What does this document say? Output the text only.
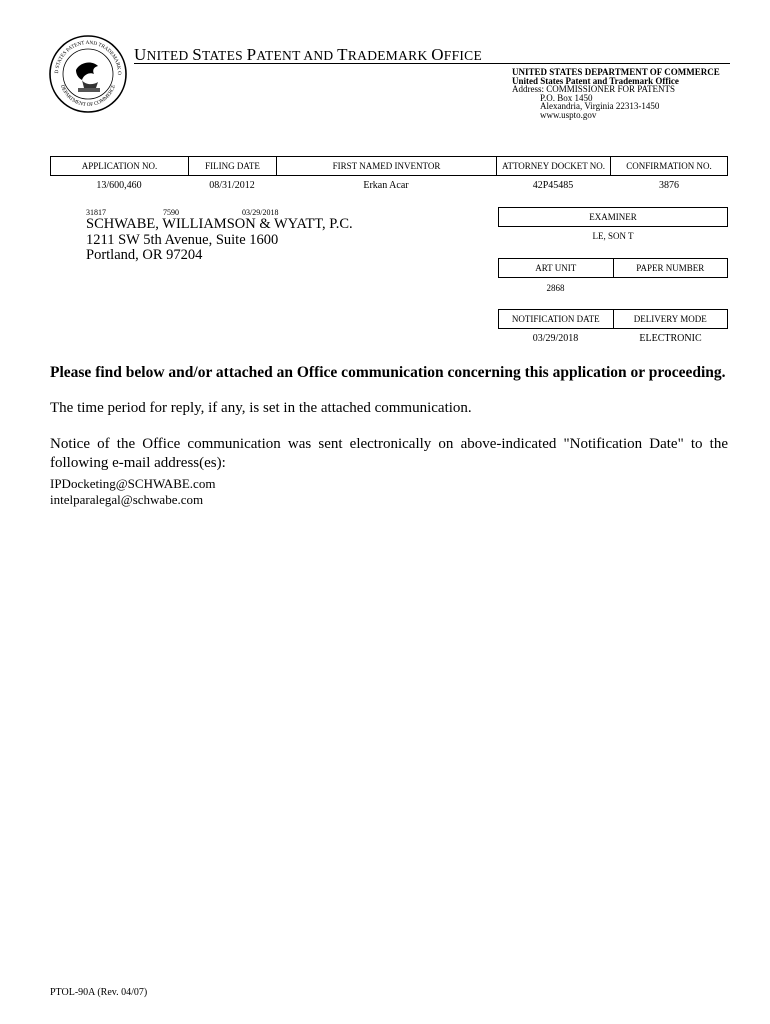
D STATES PATENT AND TRADEMARK O
DEPARTMENT OF COMMERCE
UNITED STATES PATENT AND TRADEMARK OFFICE
UNITED STATES DEPARTMENT OF COMMERCE
United States Patent and Trademark Office
Address: COMMISSIONER FOR PATENTS
P.O. Box 1450
Alexandria, Virginia 22313-1450
www.uspto.gov
APPLICATION NO.	FILING DATE	FIRST NAMED INVENTOR	ATTORNEY DOCKET NO.	CONFIRMATION NO.
13/600,460	08/31/2012	Erkan Acar	42P45485	3876
31817	7590	03/29/2018
SCHWABE, WILLIAMSON & WYATT, P.C.
1211 SW 5th Avenue, Suite 1600
Portland, OR 97204
EXAMINER
LE, SON T
ART UNIT	PAPER NUMBER
2868
NOTIFICATION DATE	DELIVERY MODE
03/29/2018	ELECTRONIC
Please find below and/or attached an Office communication concerning this application or proceeding.
The time period for reply, if any, is set in the attached communication.
Notice of the Office communication was sent electronically on above-indicated "Notification Date" to the following e-mail address(es):
IPDocketing@SCHWABE.com
intelparalegal@schwabe.com
PTOL-90A (Rev. 04/07)
